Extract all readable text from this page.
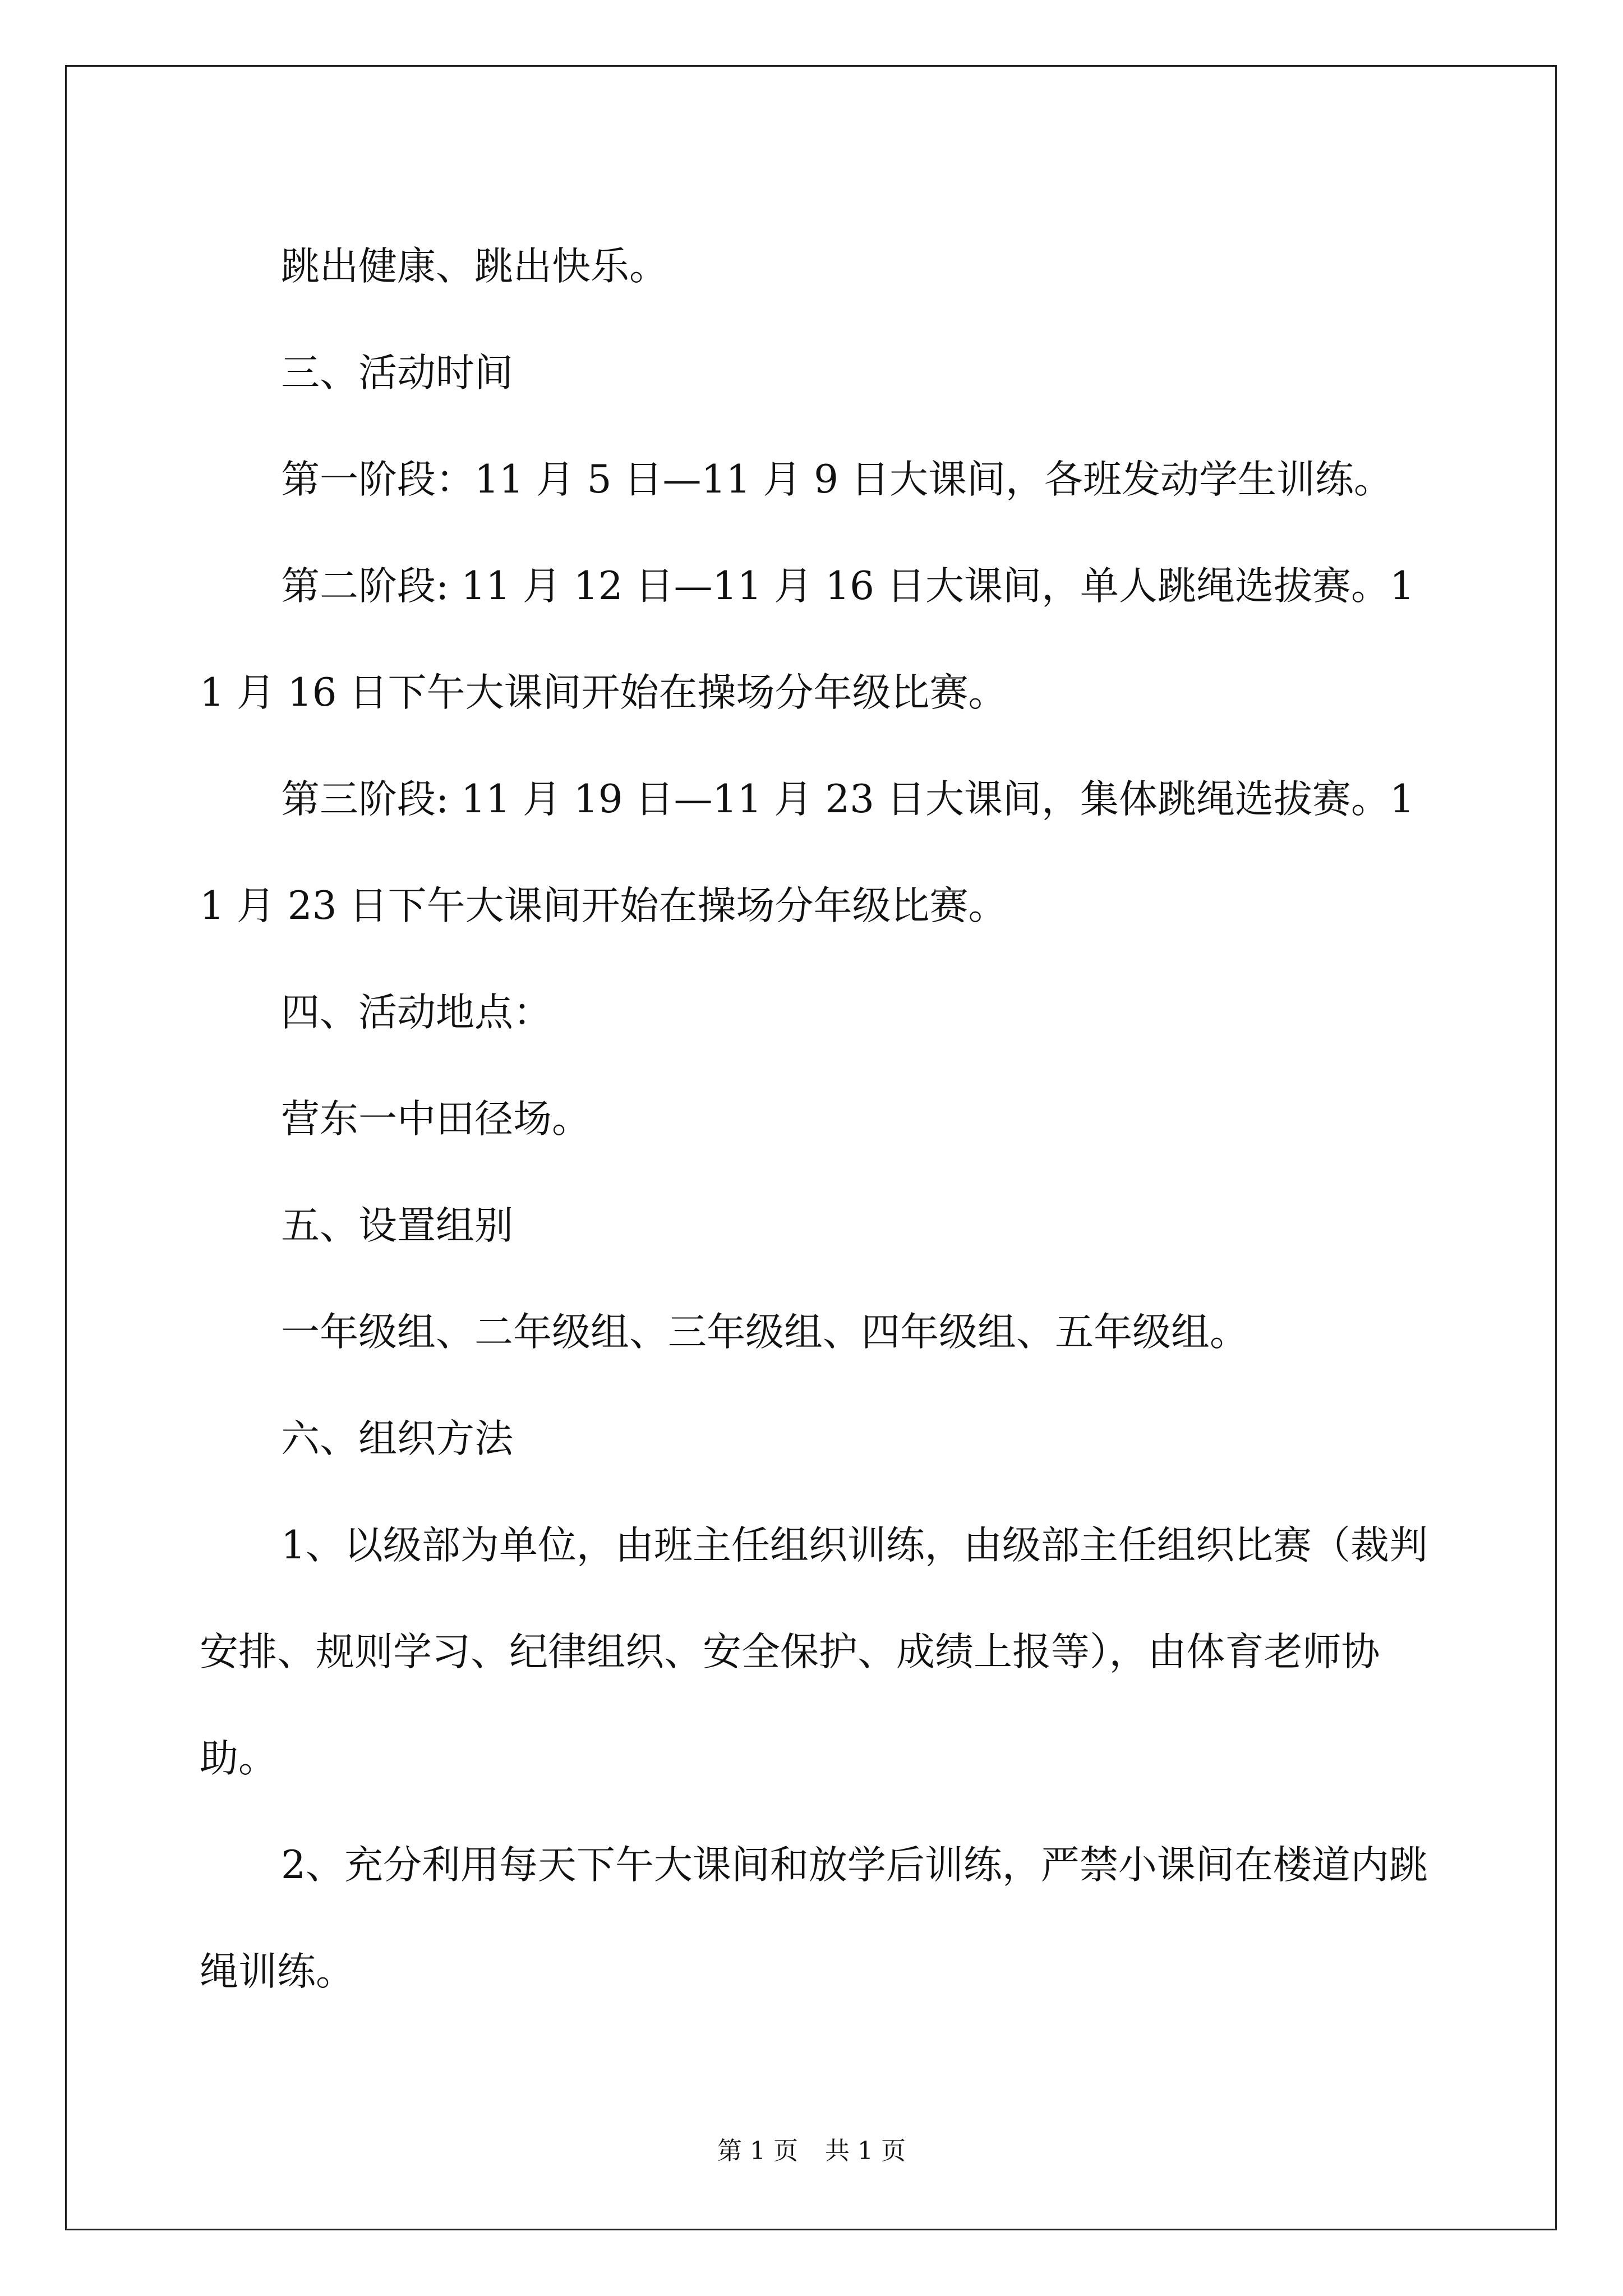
跳出健康、跳出快乐。

三、活动时间

第一阶段：11 月 5 日—11 月 9 日大课间，各班发动学生训练。

第二阶段: 11 月 12 日—11 月 16 日大课间，单人跳绳选拔赛。11 月 16 日下午大课间开始在操场分年级比赛。

第三阶段: 11 月 19 日—11 月 23 日大课间，集体跳绳选拔赛。11 月 23 日下午大课间开始在操场分年级比赛。

四、活动地点：

营东一中田径场。

五、设置组别

一年级组、二年级组、三年级组、四年级组、五年级组。

六、组织方法

1、以级部为单位，由班主任组织训练，由级部主任组织比赛（裁判安排、规则学习、纪律组织、安全保护、成绩上报等），由体育老师协助。

2、充分利用每天下午大课间和放学后训练，严禁小课间在楼道内跳绳训练。

第 1 页 共 1 页
